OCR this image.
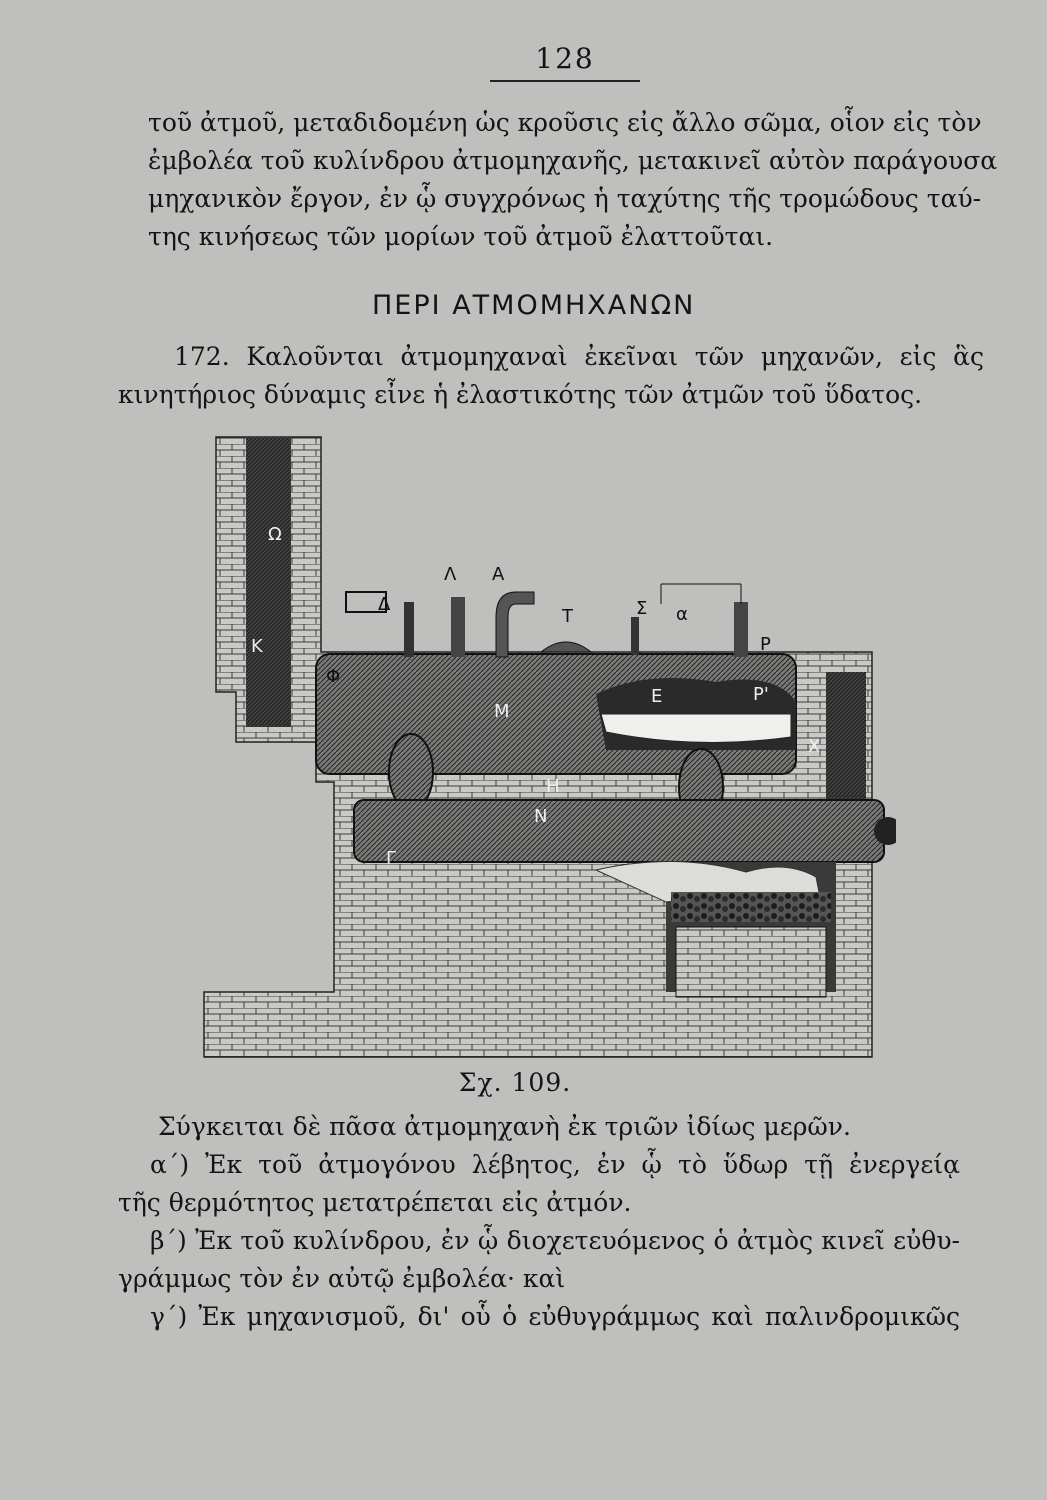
128
τοῦ ἀτμοῦ, μεταδιδομένη ὡς κροῦσις εἰς ἄλλο σῶμα, οἷον εἰς τὸν
ἐμβολέα τοῦ κυλίνδρου ἀτμομηχανῆς, μετακινεῖ αὐτὸν παράγουσα
μηχανικὸν ἔργον, ἐν ᾧ συγχρόνως ἡ ταχύτης τῆς τρομώδους ταύ-
της κινήσεως τῶν μορίων τοῦ ἀτμοῦ ἐλαττοῦται.
ΠΕΡΙ ΑΤΜΟΜΗΧΑΝΩΝ
172. Καλοῦνται ἀτμομηχαναὶ ἐκεῖναι τῶν μηχανῶν, εἰς ἃς
κινητήριος δύναμις εἶνε ἡ ἐλαστικότης τῶν ἀτμῶν τοῦ ὕδατος.
Ω
K
Δ
Λ Α
Τ	Σ α
Ρ
Ρ'
Μ
Ε
Η
Ν
Χ
Γ
Φ
Σχ. 109.
Σύγκειται δὲ πᾶσα ἀτμομηχανὴ ἐκ τριῶν ἰδίως μερῶν.
α΄) Ἐκ τοῦ ἀτμογόνου λέβητος, ἐν ᾧ τὸ ὕδωρ τῇ ἐνεργείᾳ
τῆς θερμότητος μετατρέπεται εἰς ἀτμόν.
β΄) Ἐκ τοῦ κυλίνδρου, ἐν ᾧ διοχετευόμενος ὁ ἀτμὸς κινεῖ εὐθυ-
γράμμως τὸν ἐν αὐτῷ ἐμβολέα· καὶ
γ΄) Ἐκ μηχανισμοῦ, δι' οὗ ὁ εὐθυγράμμως καὶ παλινδρομικῶς
